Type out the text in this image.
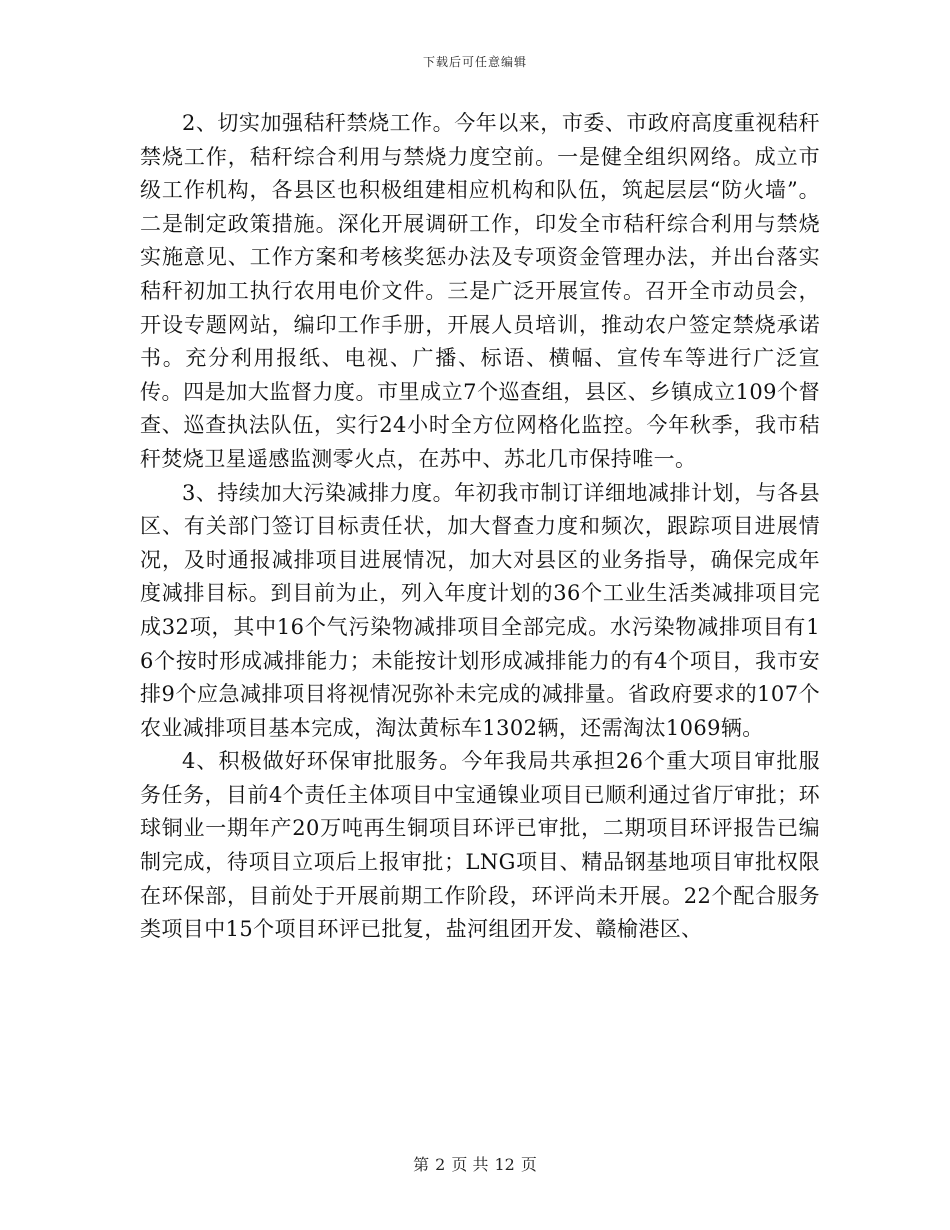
下载后可任意编辑

2、切实加强秸秆禁烧工作。今年以来，市委、市政府高度重视秸秆禁烧工作，秸秆综合利用与禁烧力度空前。一是健全组织网络。成立市级工作机构，各县区也积极组建相应机构和队伍，筑起层层“防火墙”。二是制定政策措施。深化开展调研工作，印发全市秸秆综合利用与禁烧实施意见、工作方案和考核奖惩办法及专项资金管理办法，并出台落实秸秆初加工执行农用电价文件。三是广泛开展宣传。召开全市动员会，开设专题网站，编印工作手册，开展人员培训，推动农户签定禁烧承诺书。充分利用报纸、电视、广播、标语、横幅、宣传车等进行广泛宣传。四是加大监督力度。市里成立7个巡查组，县区、乡镇成立109个督查、巡查执法队伍，实行24小时全方位网格化监控。今年秋季，我市秸秆焚烧卫星遥感监测零火点，在苏中、苏北几市保持唯一。

3、持续加大污染减排力度。年初我市制订详细地减排计划，与各县区、有关部门签订目标责任状，加大督查力度和频次，跟踪项目进展情况，及时通报减排项目进展情况，加大对县区的业务指导，确保完成年度减排目标。到目前为止，列入年度计划的36个工业生活类减排项目完成32项，其中16个气污染物减排项目全部完成。水污染物减排项目有16个按时形成减排能力；未能按计划形成减排能力的有4个项目，我市安排9个应急减排项目将视情况弥补未完成的减排量。省政府要求的107个农业减排项目基本完成，淘汰黄标车1302辆，还需淘汰1069辆。

4、积极做好环保审批服务。今年我局共承担26个重大项目审批服务任务，目前4个责任主体项目中宝通镍业项目已顺利通过省厅审批；环球铜业一期年产20万吨再生铜项目环评已审批，二期项目环评报告已编制完成，待项目立项后上报审批；LNG项目、精品钢基地项目审批权限在环保部，目前处于开展前期工作阶段，环评尚未开展。22个配合服务类项目中15个项目环评已批复，盐河组团开发、赣榆港区、

第 2 页 共 12 页
